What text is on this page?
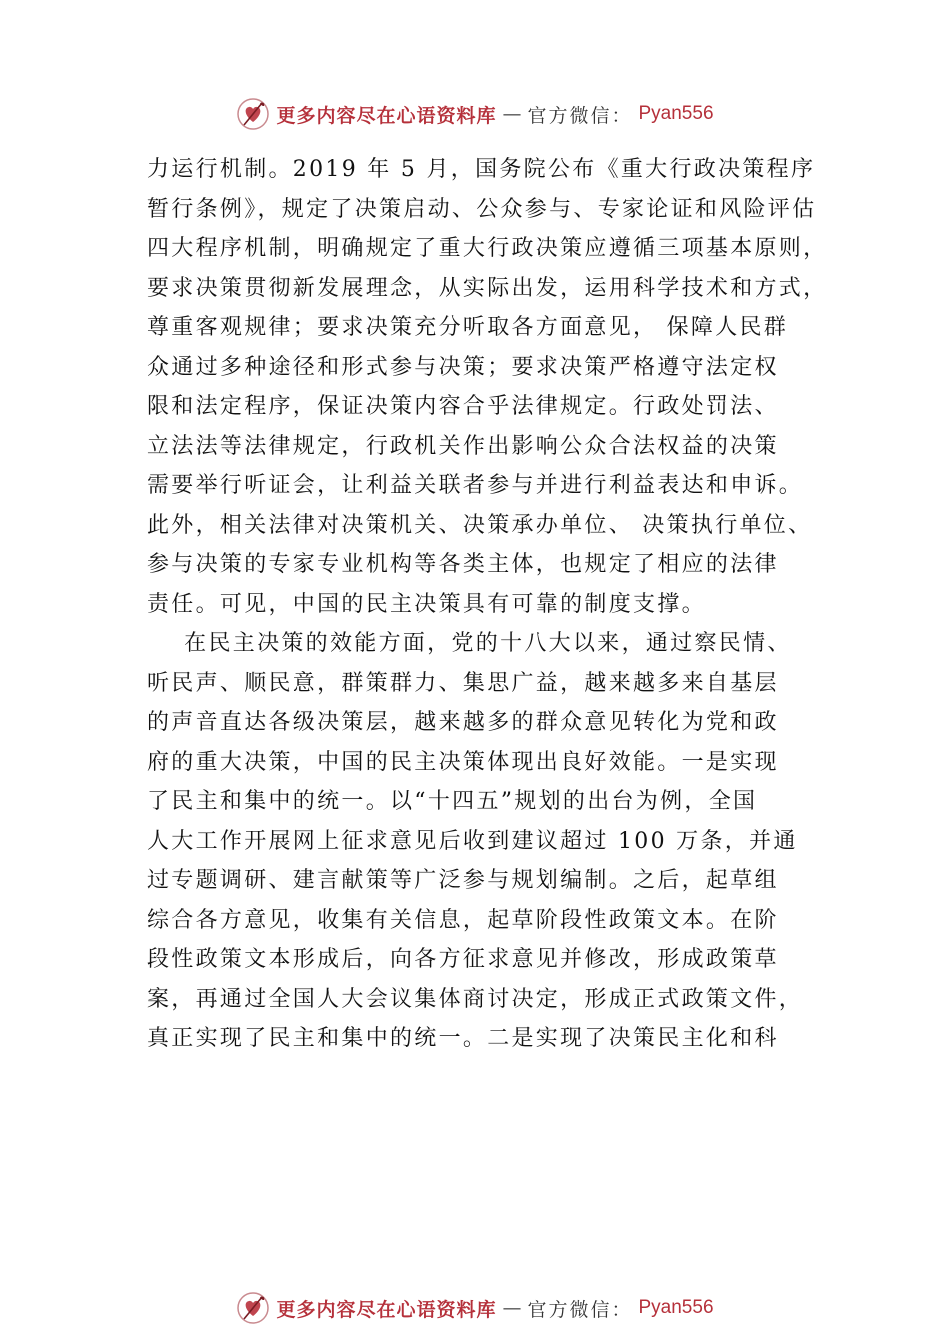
更多内容尽在心语资料库 — 官方微信： Pyan556
力运行机制。2019 年 5 月，国务院公布《重大行政决策程序
暂行条例》，规定了决策启动、公众参与、专家论证和风险评估
四大程序机制，明确规定了重大行政决策应遵循三项基本原则，
要求决策贯彻新发展理念，从实际出发，运用科学技术和方式，
尊重客观规律；要求决策充分听取各方面意见， 保障人民群
众通过多种途径和形式参与决策；要求决策严格遵守法定权
限和法定程序，保证决策内容合乎法律规定。行政处罚法、
立法法等法律规定，行政机关作出影响公众合法权益的决策
需要举行听证会，让利益关联者参与并进行利益表达和申诉。
此外，相关法律对决策机关、决策承办单位、 决策执行单位、
参与决策的专家专业机构等各类主体，也规定了相应的法律
责任。可见，中国的民主决策具有可靠的制度支撑。
在民主决策的效能方面，党的十八大以来，通过察民情、
听民声、顺民意，群策群力、集思广益，越来越多来自基层
的声音直达各级决策层，越来越多的群众意见转化为党和政
府的重大决策，中国的民主决策体现出良好效能。一是实现
了民主和集中的统一。以“十四五”规划的出台为例，全国
人大工作开展网上征求意见后收到建议超过 100 万条，并通
过专题调研、建言献策等广泛参与规划编制。之后，起草组
综合各方意见，收集有关信息，起草阶段性政策文本。在阶
段性政策文本形成后，向各方征求意见并修改，形成政策草
案，再通过全国人大会议集体商讨决定，形成正式政策文件，
真正实现了民主和集中的统一。二是实现了决策民主化和科
更多内容尽在心语资料库 — 官方微信： Pyan556
